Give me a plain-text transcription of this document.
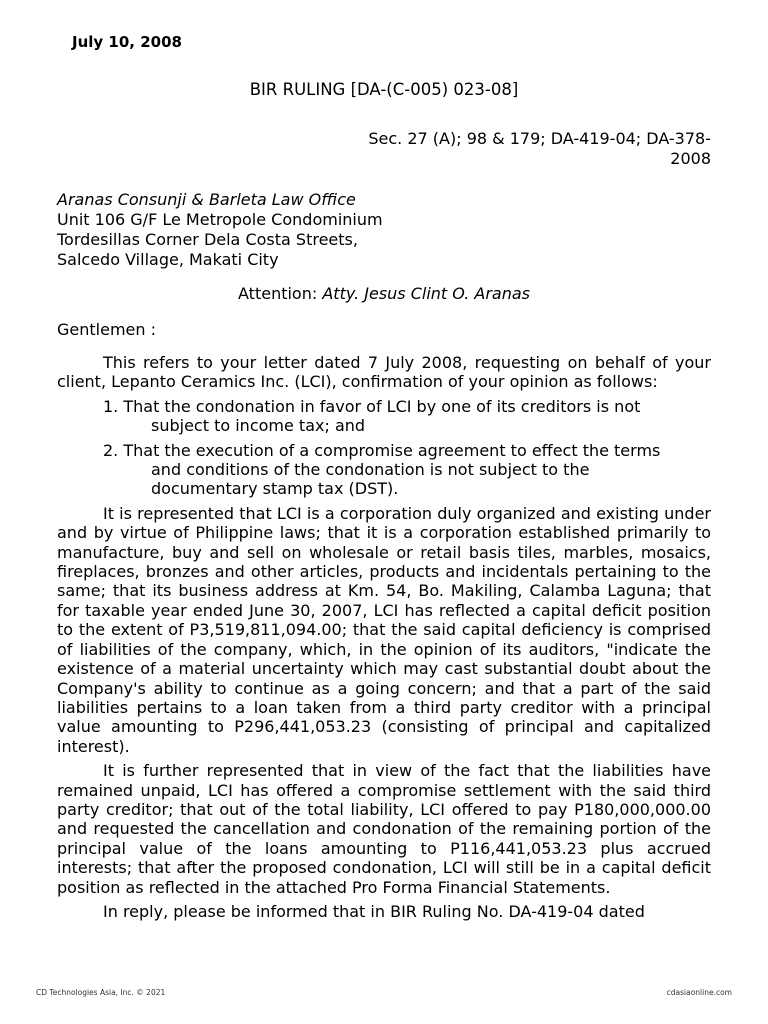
July 10, 2008
BIR RULING [DA-(C-005) 023-08]
Sec. 27 (A); 98 & 179; DA-419-04; DA-378-2008
Aranas Consunji & Barleta Law Office
Unit 106 G/F Le Metropole Condominium
Tordesillas Corner Dela Costa Streets,
Salcedo Village, Makati City
Attention: Atty. Jesus Clint O. Aranas
Gentlemen :

This refers to your letter dated 7 July 2008, requesting on behalf of your client, Lepanto Ceramics Inc. (LCI), confirmation of your opinion as follows:

1. That the condonation in favor of LCI by one of its creditors is not subject to income tax; and
2. That the execution of a compromise agreement to effect the terms and conditions of the condonation is not subject to the documentary stamp tax (DST).

It is represented that LCI is a corporation duly organized and existing under and by virtue of Philippine laws; that it is a corporation established primarily to manufacture, buy and sell on wholesale or retail basis tiles, marbles, mosaics, fireplaces, bronzes and other articles, products and incidentals pertaining to the same; that its business address at Km. 54, Bo. Makiling, Calamba Laguna; that for taxable year ended June 30, 2007, LCI has reflected a capital deficit position to the extent of P3,519,811,094.00; that the said capital deficiency is comprised of liabilities of the company, which, in the opinion of its auditors, "indicate the existence of a material uncertainty which may cast substantial doubt about the Company's ability to continue as a going concern; and that a part of the said liabilities pertains to a loan taken from a third party creditor with a principal value amounting to P296,441,053.23 (consisting of principal and capitalized interest).

It is further represented that in view of the fact that the liabilities have remained unpaid, LCI has offered a compromise settlement with the said third party creditor; that out of the total liability, LCI offered to pay P180,000,000.00 and requested the cancellation and condonation of the remaining portion of the principal value of the loans amounting to P116,441,053.23 plus accrued interests; that after the proposed condonation, LCI will still be in a capital deficit position as reflected in the attached Pro Forma Financial Statements.

In reply, please be informed that in BIR Ruling No. DA-419-04 dated

CD Technologies Asia, Inc. © 2021	cdasiaonline.com
